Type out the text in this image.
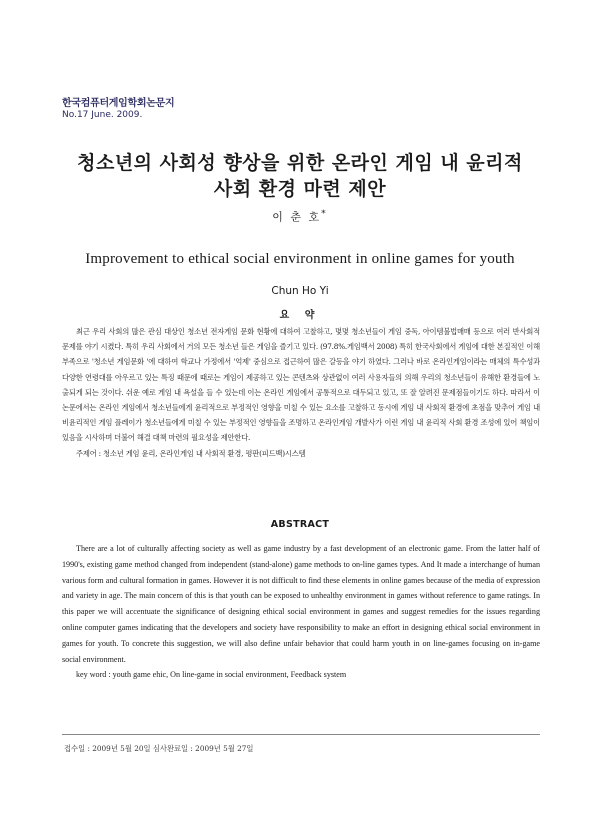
한국컴퓨터게임학회논문지
No.17 June. 2009.
청소년의 사회성 향상을 위한 온라인 게임 내 윤리적
사회 환경 마련 제안
이 춘 호*
Improvement to ethical social environment in online games for youth
Chun Ho Yi
요 약

최근 우리 사회의 많은 관심 대상인 청소년 전자게임 문화 현황에 대하여 고찰하고, 몇몇 청소년들이 게임 중독, 아이템불법매매 등으로 여러 반사회적 문제를 야기 시켰다. 특히 우리 사회에서 거의 모든 청소년 들은 게임을 즐기고 있다. (97.8%.게임백서 2008) 특히 한국사회에서 게임에 대한 본질적인 이해 부족으로 '청소년 게임문화 '에 대하여 학교나 가정에서 '억제' 중심으로 접근하여 많은 갈등을 야기 하였다. 그러나 바로 온라인게임이라는 매체의 특수성과 다양한 연령대를 아우르고 있는 특징 때문에 때로는 게임이 제공하고 있는 콘텐츠와 상관없이 여러 사용자들의 의해 우리의 청소년들이 유해한 환경들에 노출되게 되는 것이다. 쉬운 예로 게임 내 욕설을 들 수 있는데 이는 온라인 게임에서 공통적으로 대두되고 있고, 또 잘 알려진 문제점들이기도 하다. 따라서 이 논문에서는 온라인 게임에서 청소년들에게 윤리적으로 부정적인 영향을 미칠 수 있는 요소를 고찰하고 동시에 게임 내 사회적 환경에 초점을 맞추어 게임 내 비윤리적인 게임 플레이가 청소년들에게 미칠 수 있는 부정적인 영향들을 조명하고 온라인게임 개발사가 이런 게임 내 윤리적 사회 환경 조성에 있어 책임이 있음을 시사하며 더불어 해결 대책 마련의 필요성을 제안한다.

주제어 : 청소년 게임 윤리, 온라인게임 내 사회적 환경, 평판(피드백)시스템
ABSTRACT

There are a lot of culturally affecting society as well as game industry by a fast development of an electronic game. From the latter half of 1990's, existing game method changed from independent (stand-alone) game methods to on-line games types. And It made a interchange of human various form and cultural formation in games. However it is not difficult to find these elements in online games because of the media of expression and variety in age. The main concern of this is that youth can be exposed to unhealthy environment in games without reference to game ratings. In this paper we will accentuate the significance of designing ethical social environment in games and suggest remedies for the issues regarding online computer games indicating that the developers and society have responsibility to make an effort in designing ethical social environment in games for youth. To concrete this suggestion, we will also define unfair behavior that could harm youth in on line-games focusing on in-game social environment.

key word : youth game ehic, On line-game in social environment, Feedback system
접수일 : 2009년 5월 20일 심사완료일 : 2009년 5월 27일
